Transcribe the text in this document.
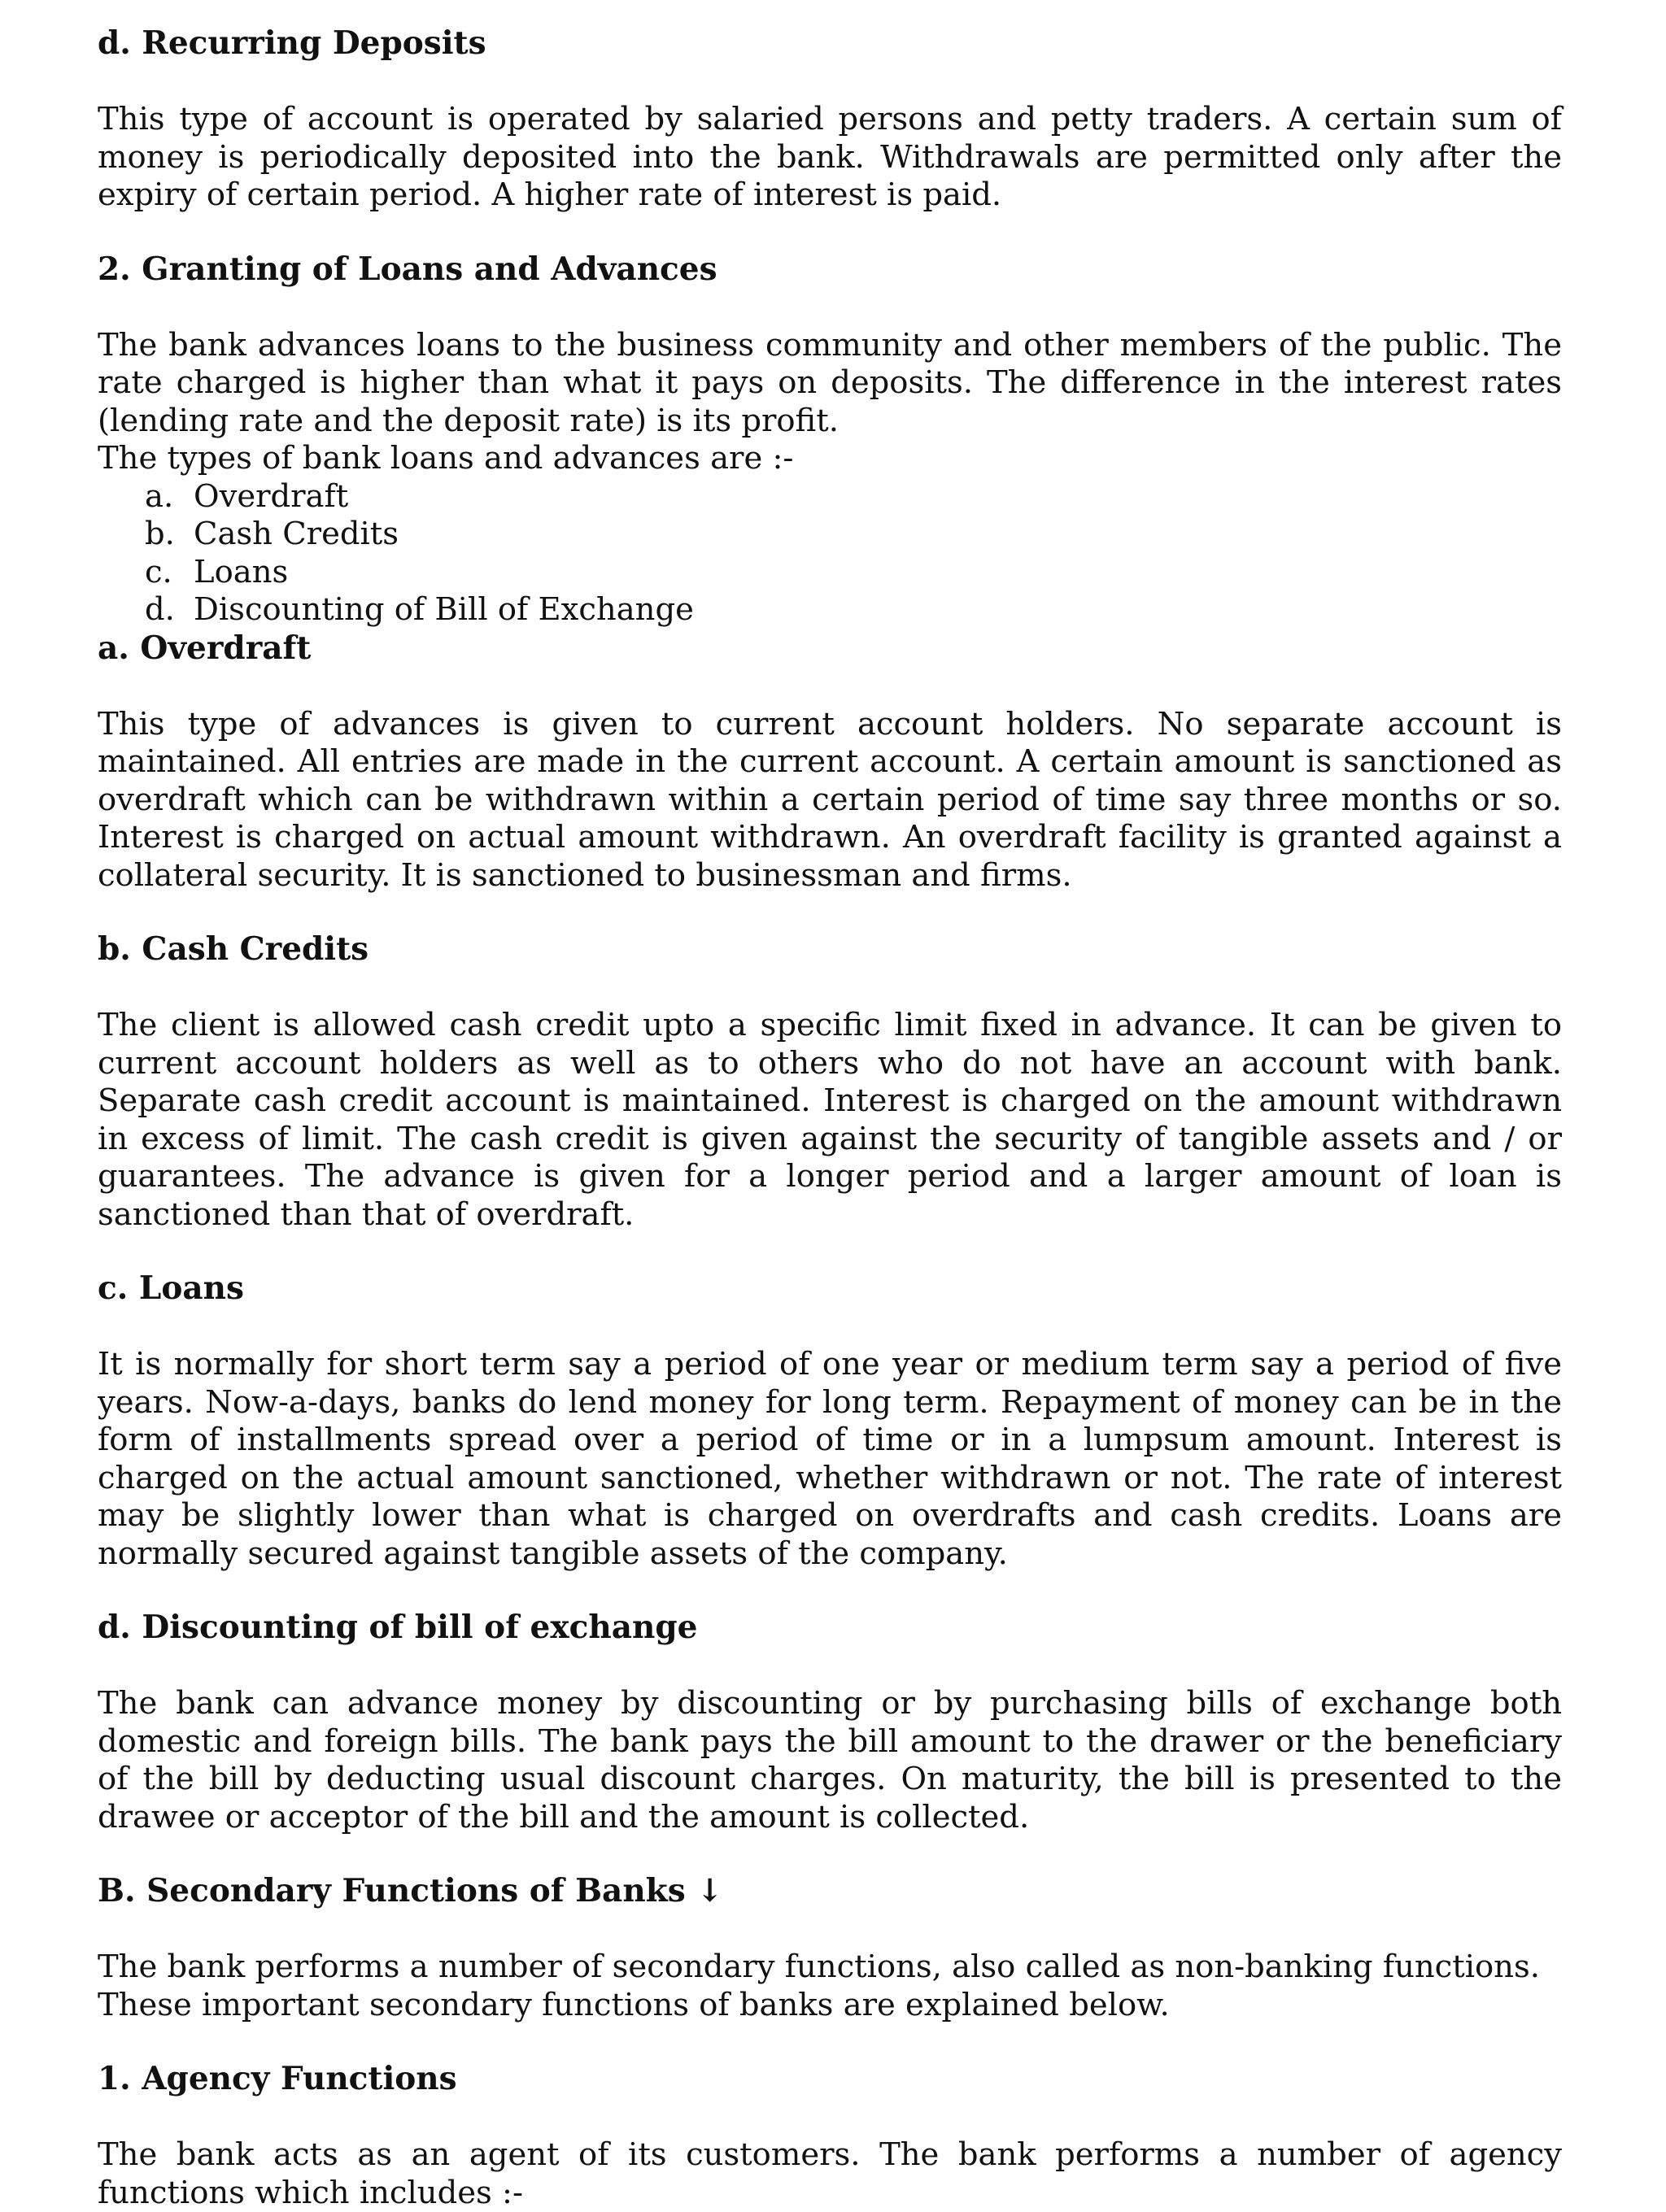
d. Recurring Deposits

This type of account is operated by salaried persons and petty traders. A certain sum of money is periodically deposited into the bank. Withdrawals are permitted only after the expiry of certain period. A higher rate of interest is paid.

2. Granting of Loans and Advances

The bank advances loans to the business community and other members of the public. The rate charged is higher than what it pays on deposits. The difference in the interest rates (lending rate and the deposit rate) is its profit.

The types of bank loans and advances are :-

a. Overdraft
b. Cash Credits
c. Loans
d. Discounting of Bill of Exchange
a. Overdraft

This type of advances is given to current account holders. No separate account is maintained. All entries are made in the current account. A certain amount is sanctioned as overdraft which can be withdrawn within a certain period of time say three months or so. Interest is charged on actual amount withdrawn. An overdraft facility is granted against a collateral security. It is sanctioned to businessman and firms.

b. Cash Credits

The client is allowed cash credit upto a specific limit fixed in advance. It can be given to current account holders as well as to others who do not have an account with bank. Separate cash credit account is maintained. Interest is charged on the amount withdrawn in excess of limit. The cash credit is given against the security of tangible assets and / or guarantees. The advance is given for a longer period and a larger amount of loan is sanctioned than that of overdraft.

c. Loans

It is normally for short term say a period of one year or medium term say a period of five years. Now-a-days, banks do lend money for long term. Repayment of money can be in the form of installments spread over a period of time or in a lumpsum amount. Interest is charged on the actual amount sanctioned, whether withdrawn or not. The rate of interest may be slightly lower than what is charged on overdrafts and cash credits. Loans are normally secured against tangible assets of the company.

d. Discounting of bill of exchange

The bank can advance money by discounting or by purchasing bills of exchange both domestic and foreign bills. The bank pays the bill amount to the drawer or the beneficiary of the bill by deducting usual discount charges. On maturity, the bill is presented to the drawee or acceptor of the bill and the amount is collected.

B. Secondary Functions of Banks ↓

The bank performs a number of secondary functions, also called as non-banking functions.

These important secondary functions of banks are explained below.

1. Agency Functions

The bank acts as an agent of its customers. The bank performs a number of agency functions which includes :-
